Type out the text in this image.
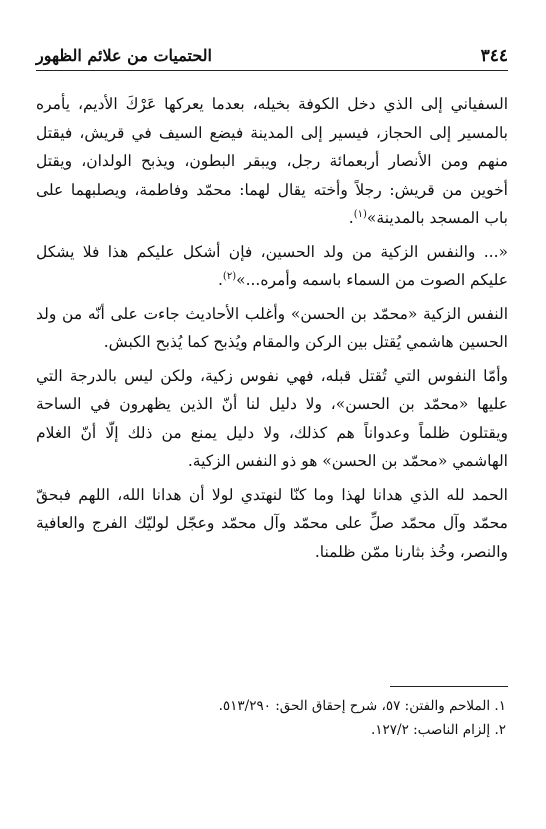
٣٤٤
الحتميات من علائم الظهور

السفياني إلى الذي دخل الكوفة بخيله، بعدما يعركها عَرْكَ الأديم، يأمره بالمسير إلى الحجاز، فيسير إلى المدينة فيضع السيف في قريش، فيقتل منهم ومن الأنصار أربعمائة رجل، ويبقر البطون، ويذبح الولدان، ويقتل أخوين من قريش: رجلاً وأخته يقال لهما: محمّد وفاطمة، ويصلبهما على باب المسجد بالمدينة»$^{(١)}$.

«... والنفس الزكية من ولد الحسين، فإن أشكل عليكم هذا فلا يشكل عليكم الصوت من السماء باسمه وأمره...»$^{(٢)}$.

النفس الزكية «محمّد بن الحسن» وأغلب الأحاديث جاءت على أنّه من ولد الحسين هاشمي يُقتل بين الركن والمقام ويُذبح كما يُذبح الكبش.

وأمّا النفوس التي تُقتل قبله، فهي نفوس زكية، ولكن ليس بالدرجة التي عليها «محمّد بن الحسن»، ولا دليل لنا أنّ الذين يظهرون في الساحة ويقتلون ظلماً وعدواناً هم كذلك، ولا دليل يمنع من ذلك إلّا أنّ الغلام الهاشمي «محمّد بن الحسن» هو ذو النفس الزكية.

الحمد لله الذي هدانا لهذا وما كنّا لنهتدي لولا أن هدانا الله، اللهم فبحقّ محمّد وآل محمّد صلِّ على محمّد وآل محمّد وعجّل لوليّك الفرج والعافية والنصر، وخُذ بثارنا ممّن ظلمنا.

١. الملاحم والفتن: ٥٧، شرح إحقاق الحق: ٥١٣/٢٩٠.
٢. إلزام الناصب: ١٢٧/٢.
